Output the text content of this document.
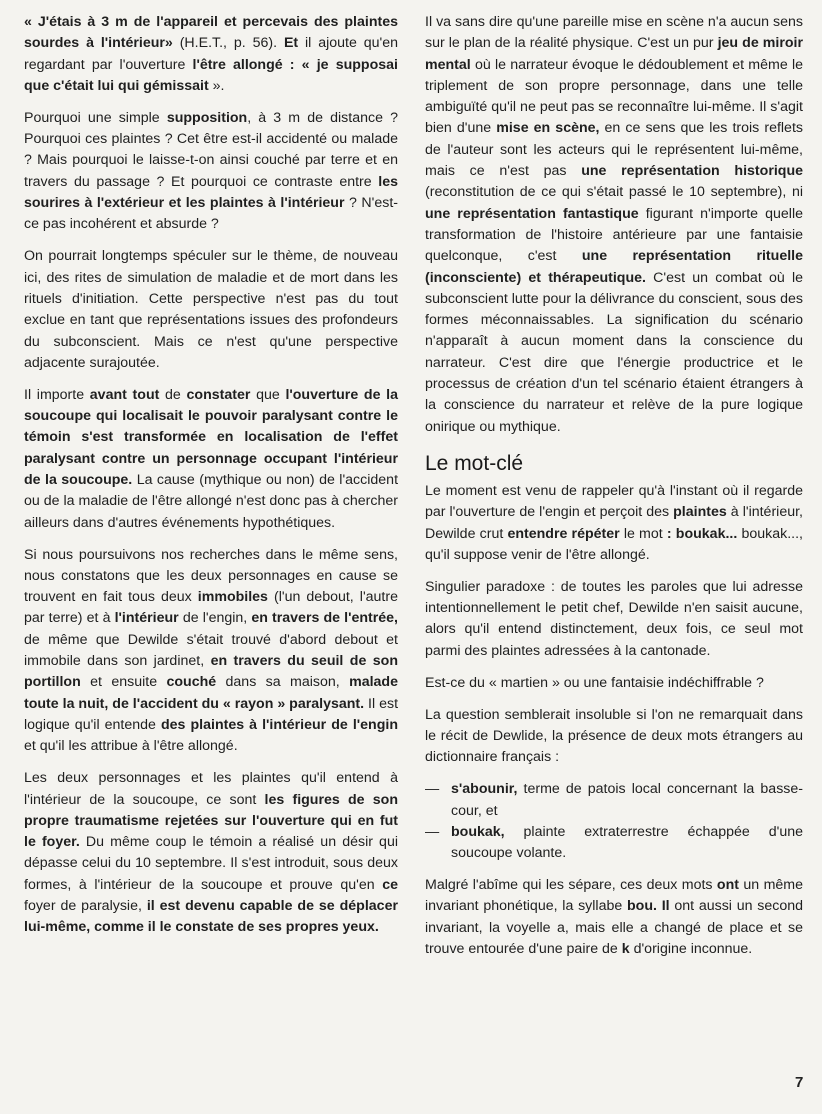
« J'étais à 3 m de l'appareil et percevais des plaintes sourdes à l'intérieur» (H.E.T., p. 56). Et il ajoute qu'en regardant par l'ouverture l'être allongé : « je supposai que c'était lui qui gémissait ».

Pourquoi une simple supposition, à 3 m de distance ? Pourquoi ces plaintes ? Cet être est-il accidenté ou malade ? Mais pourquoi le laisse-t-on ainsi couché par terre et en travers du passage ? Et pourquoi ce contraste entre les sourires à l'extérieur et les plaintes à l'intérieur ? N'est-ce pas incohérent et absurde ?

On pourrait longtemps spéculer sur le thème, de nouveau ici, des rites de simulation de maladie et de mort dans les rituels d'initiation. Cette perspective n'est pas du tout exclue en tant que représentations issues des profondeurs du subconscient. Mais ce n'est qu'une perspective adjacente surajoutée.

Il importe avant tout de constater que l'ouverture de la soucoupe qui localisait le pouvoir paralysant contre le témoin s'est transformée en localisation de l'effet paralysant contre un personnage occupant l'intérieur de la soucoupe. La cause (mythique ou non) de l'accident ou de la maladie de l'être allongé n'est donc pas à chercher ailleurs dans d'autres événements hypothétiques.

Si nous poursuivons nos recherches dans le même sens, nous constatons que les deux personnages en cause se trouvent en fait tous deux immobiles (l'un debout, l'autre par terre) et à l'intérieur de l'engin, en travers de l'entrée, de même que Dewilde s'était trouvé d'abord debout et immobile dans son jardinet, en travers du seuil de son portillon et ensuite couché dans sa maison, malade toute la nuit, de l'accident du « rayon » paralysant. Il est logique qu'il entende des plaintes à l'intérieur de l'engin et qu'il les attribue à l'être allongé.

Les deux personnages et les plaintes qu'il entend à l'intérieur de la soucoupe, ce sont les figures de son propre traumatisme rejetées sur l'ouverture qui en fut le foyer. Du même coup le témoin a réalisé un désir qui dépasse celui du 10 septembre. Il s'est introduit, sous deux formes, à l'intérieur de la soucoupe et prouve qu'en ce foyer de paralysie, il est devenu capable de se déplacer lui-même, comme il le constate de ses propres yeux.

Il va sans dire qu'une pareille mise en scène n'a aucun sens sur le plan de la réalité physique. C'est un pur jeu de miroir mental où le narrateur évoque le dédoublement et même le triplement de son propre personnage, dans une telle ambiguïté qu'il ne peut pas se reconnaître lui-même. Il s'agit bien d'une mise en scène, en ce sens que les trois reflets de l'auteur sont les acteurs qui le représentent lui-même, mais ce n'est pas une représentation historique (reconstitution de ce qui s'était passé le 10 septembre), ni une représentation fantastique figurant n'importe quelle transformation de l'histoire antérieure par une fantaisie quelconque, c'est une représentation rituelle (inconsciente) et thérapeutique. C'est un combat où le subconscient lutte pour la délivrance du conscient, sous des formes méconnaissables. La signification du scénario n'apparaît à aucun moment dans la conscience du narrateur. C'est dire que l'énergie productrice et le processus de création d'un tel scénario étaient étrangers à la conscience du narrateur et relève de la pure logique onirique ou mythique.

Le mot-clé

Le moment est venu de rappeler qu'à l'instant où il regarde par l'ouverture de l'engin et perçoit des plaintes à l'intérieur, Dewilde crut entendre répéter le mot : boukak... boukak..., qu'il suppose venir de l'être allongé.

Singulier paradoxe : de toutes les paroles que lui adresse intentionnellement le petit chef, Dewilde n'en saisit aucune, alors qu'il entend distinctement, deux fois, ce seul mot parmi des plaintes adressées à la cantonade.

Est-ce du « martien » ou une fantaisie indéchiffrable ?

La question semblerait insoluble si l'on ne remarquait dans le récit de Dewlide, la présence de deux mots étrangers au dictionnaire français :

— s'abounir, terme de patois local concernant la basse-cour, et
— boukak, plainte extraterrestre échappée d'une soucoupe volante.

Malgré l'abîme qui les sépare, ces deux mots ont un même invariant phonétique, la syllabe bou. Il ont aussi un second invariant, la voyelle a, mais elle a changé de place et se trouve entourée d'une paire de k d'origine inconnue.

7
